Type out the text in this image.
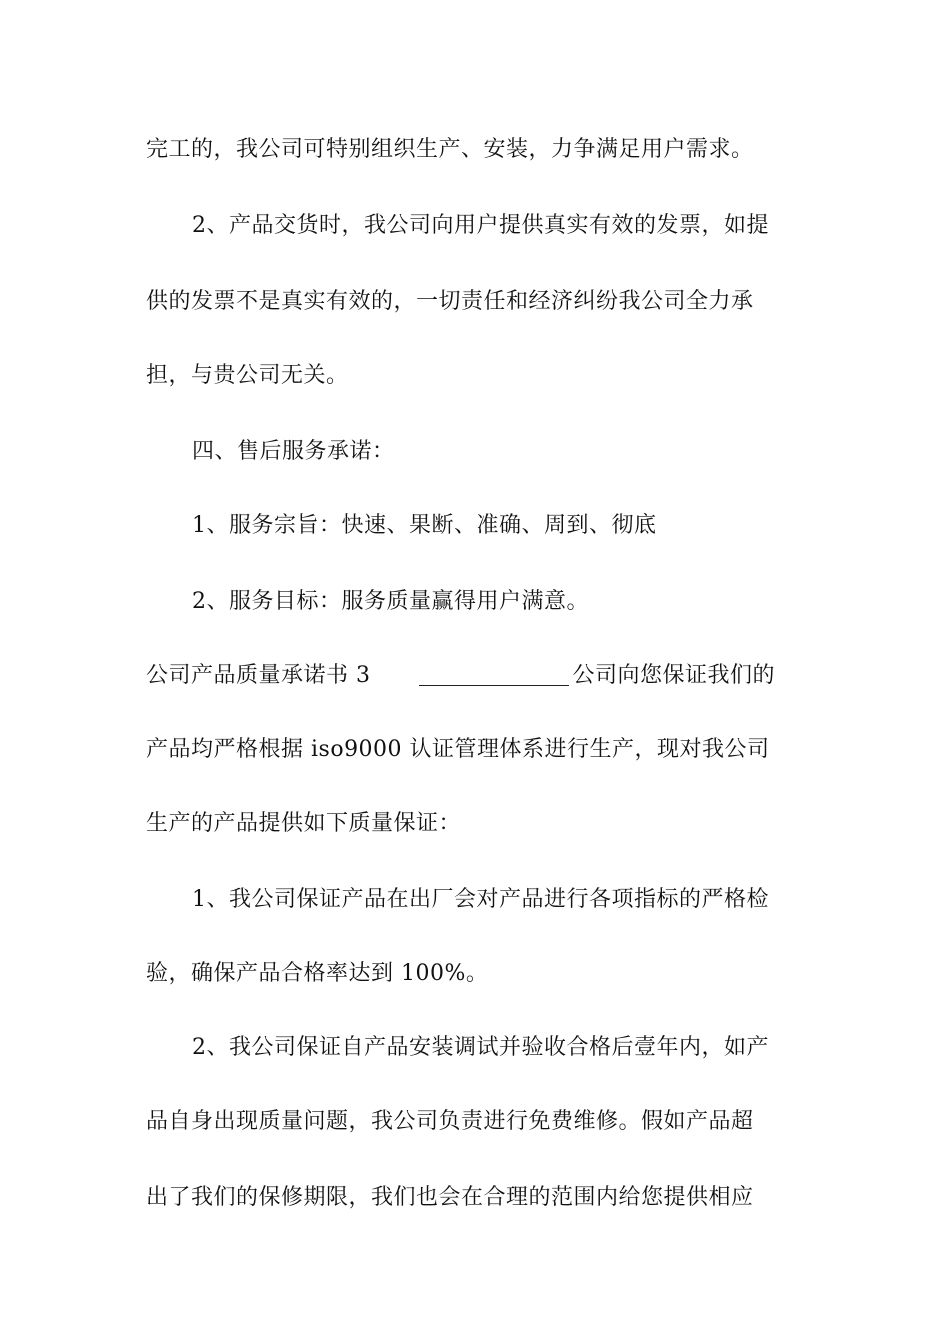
完工的，我公司可特别组织生产、安装，力争满足用户需求。
2、产品交货时，我公司向用户提供真实有效的发票，如提
供的发票不是真实有效的，一切责任和经济纠纷我公司全力承
担，与贵公司无关。
四、售后服务承诺：
1、服务宗旨：快速、果断、准确、周到、彻底
2、服务目标：服务质量赢得用户满意。
公司产品质量承诺书 3	公司向您保证我们的
产品均严格根据 iso9000 认证管理体系进行生产，现对我公司
生产的产品提供如下质量保证：
1、我公司保证产品在出厂会对产品进行各项指标的严格检
验，确保产品合格率达到 100%。
2、我公司保证自产品安装调试并验收合格后壹年内，如产
品自身出现质量问题，我公司负责进行免费维修。假如产品超
出了我们的保修期限，我们也会在合理的范围内给您提供相应
